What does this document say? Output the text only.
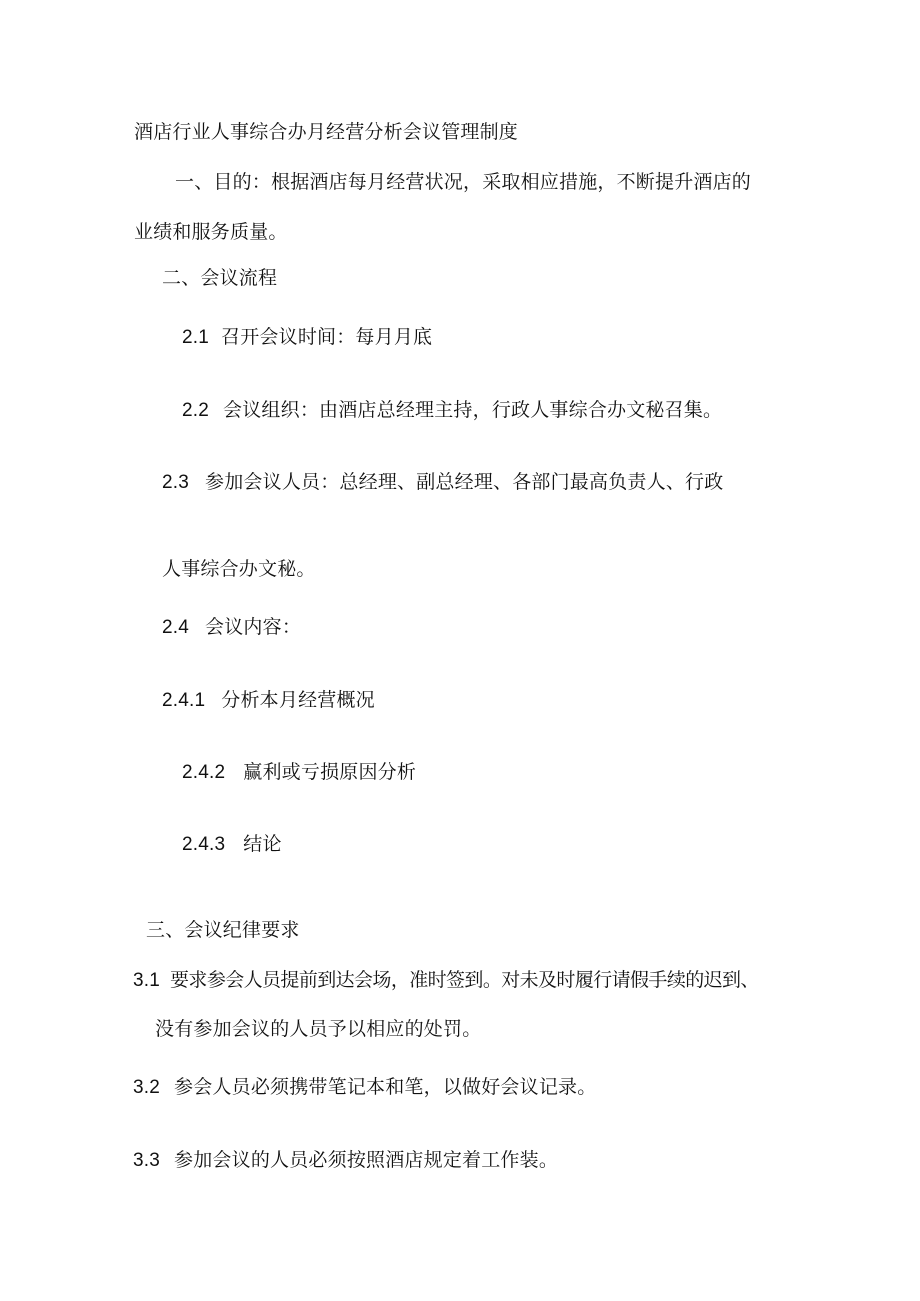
酒店行业人事综合办月经营分析会议管理制度
一、目的：根据酒店每月经营状况，采取相应措施，不断提升酒店的
业绩和服务质量。
二、会议流程
2.1 召开会议时间：每月月底
2.2 会议组织：由酒店总经理主持，行政人事综合办文秘召集。
2.3 参加会议人员：总经理、副总经理、各部门最高负责人、行政
人事综合办文秘。
2.4 会议内容：
2.4.1 分析本月经营概况
2.4.2 赢利或亏损原因分析
2.4.3 结论
三、会议纪律要求
3.1 要求参会人员提前到达会场，准时签到。对未及时履行请假手续的迟到、
没有参加会议的人员予以相应的处罚。
3.2 参会人员必须携带笔记本和笔，以做好会议记录。
3.3 参加会议的人员必须按照酒店规定着工作装。
